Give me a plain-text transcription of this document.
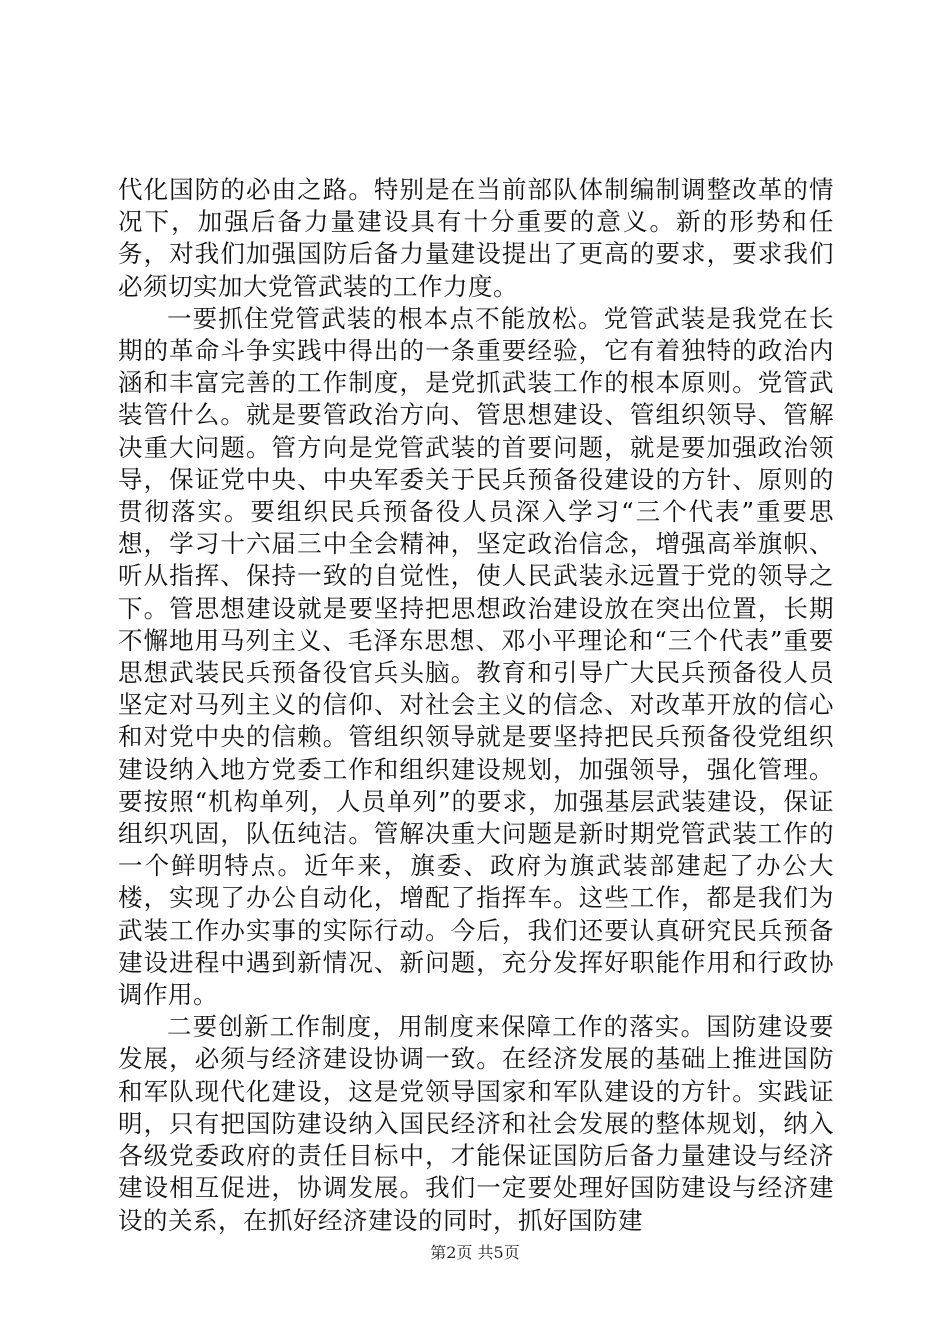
代化国防的必由之路。特别是在当前部队体制编制调整改革的情况下，加强后备力量建设具有十分重要的意义。新的形势和任务，对我们加强国防后备力量建设提出了更高的要求，要求我们必须切实加大党管武装的工作力度。

一要抓住党管武装的根本点不能放松。党管武装是我党在长期的革命斗争实践中得出的一条重要经验，它有着独特的政治内涵和丰富完善的工作制度，是党抓武装工作的根本原则。党管武装管什么。就是要管政治方向、管思想建设、管组织领导、管解决重大问题。管方向是党管武装的首要问题，就是要加强政治领导，保证党中央、中央军委关于民兵预备役建设的方针、原则的贯彻落实。要组织民兵预备役人员深入学习“三个代表”重要思想，学习十六届三中全会精神，坚定政治信念，增强高举旗帜、听从指挥、保持一致的自觉性，使人民武装永远置于党的领导之下。管思想建设就是要坚持把思想政治建设放在突出位置，长期不懈地用马列主义、毛泽东思想、邓小平理论和“三个代表”重要思想武装民兵预备役官兵头脑。教育和引导广大民兵预备役人员坚定对马列主义的信仰、对社会主义的信念、对改革开放的信心和对党中央的信赖。管组织领导就是要坚持把民兵预备役党组织建设纳入地方党委工作和组织建设规划，加强领导，强化管理。要按照“机构单列，人员单列”的要求，加强基层武装建设，保证组织巩固，队伍纯洁。管解决重大问题是新时期党管武装工作的一个鲜明特点。近年来，旗委、政府为旗武装部建起了办公大楼，实现了办公自动化，增配了指挥车。这些工作，都是我们为武装工作办实事的实际行动。今后，我们还要认真研究民兵预备建设进程中遇到新情况、新问题，充分发挥好职能作用和行政协调作用。

二要创新工作制度，用制度来保障工作的落实。国防建设要发展，必须与经济建设协调一致。在经济发展的基础上推进国防和军队现代化建设，这是党领导国家和军队建设的方针。实践证明，只有把国防建设纳入国民经济和社会发展的整体规划，纳入各级党委政府的责任目标中，才能保证国防后备力量建设与经济建设相互促进，协调发展。我们一定要处理好国防建设与经济建设的关系，在抓好经济建设的同时，抓好国防建

第2页 共5页
